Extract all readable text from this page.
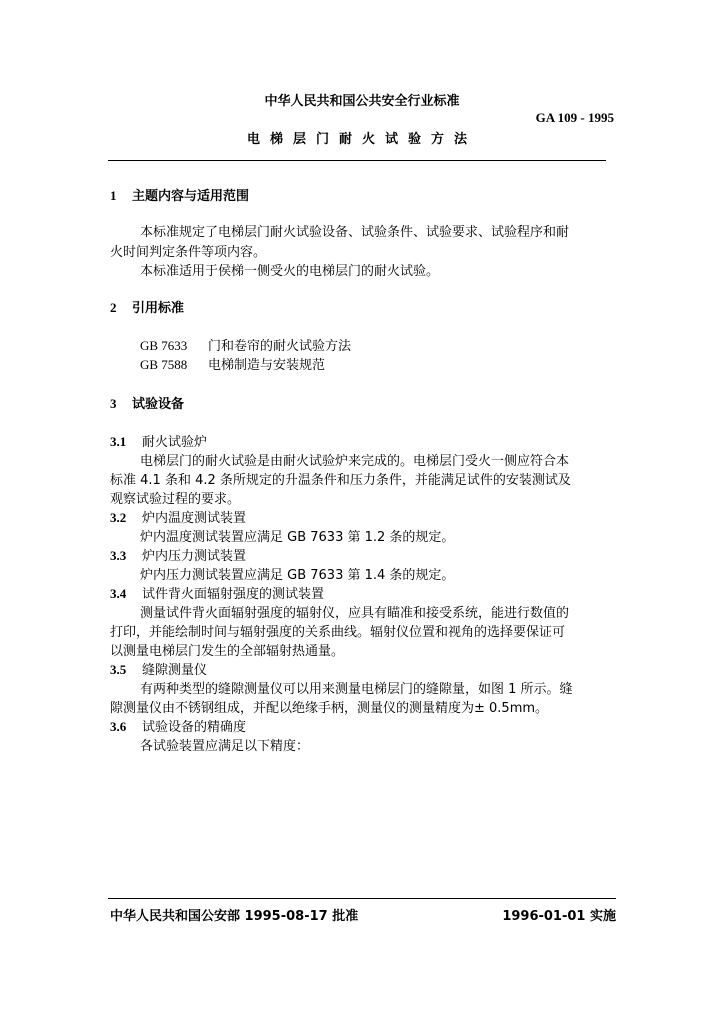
中华人民共和国公共安全行业标准
GA 109 - 1995
电梯层门耐火试验方法
1 主题内容与适用范围
本标准规定了电梯层门耐火试验设备、试验条件、试验要求、试验程序和耐
火时间判定条件等项内容。
本标准适用于侯梯一侧受火的电梯层门的耐火试验。
2 引用标准
GB 7633 门和卷帘的耐火试验方法
GB 7588 电梯制造与安装规范
3 试验设备
3.1 耐火试验炉
电梯层门的耐火试验是由耐火试验炉来完成的。电梯层门受火一侧应符合本
标准 4.1 条和 4.2 条所规定的升温条件和压力条件，并能满足试件的安装测试及
观察试验过程的要求。
3.2 炉内温度测试装置
炉内温度测试装置应满足 GB 7633 第 1.2 条的规定。
3.3 炉内压力测试装置
炉内压力测试装置应满足 GB 7633 第 1.4 条的规定。
3.4 试件背火面辐射强度的测试装置
测量试件背火面辐射强度的辐射仪，应具有瞄准和接受系统，能进行数值的
打印，并能绘制时间与辐射强度的关系曲线。辐射仪位置和视角的选择要保证可
以测量电梯层门发生的全部辐射热通量。
3.5 缝隙测量仪
有两种类型的缝隙测量仪可以用来测量电梯层门的缝隙量，如图 1 所示。缝
隙测量仪由不锈钢组成，并配以绝缘手柄，测量仪的测量精度为± 0.5mm。
3.6 试验设备的精确度
各试验装置应满足以下精度：
中华人民共和国公安部 1995-08-17 批准	1996-01-01 实施
